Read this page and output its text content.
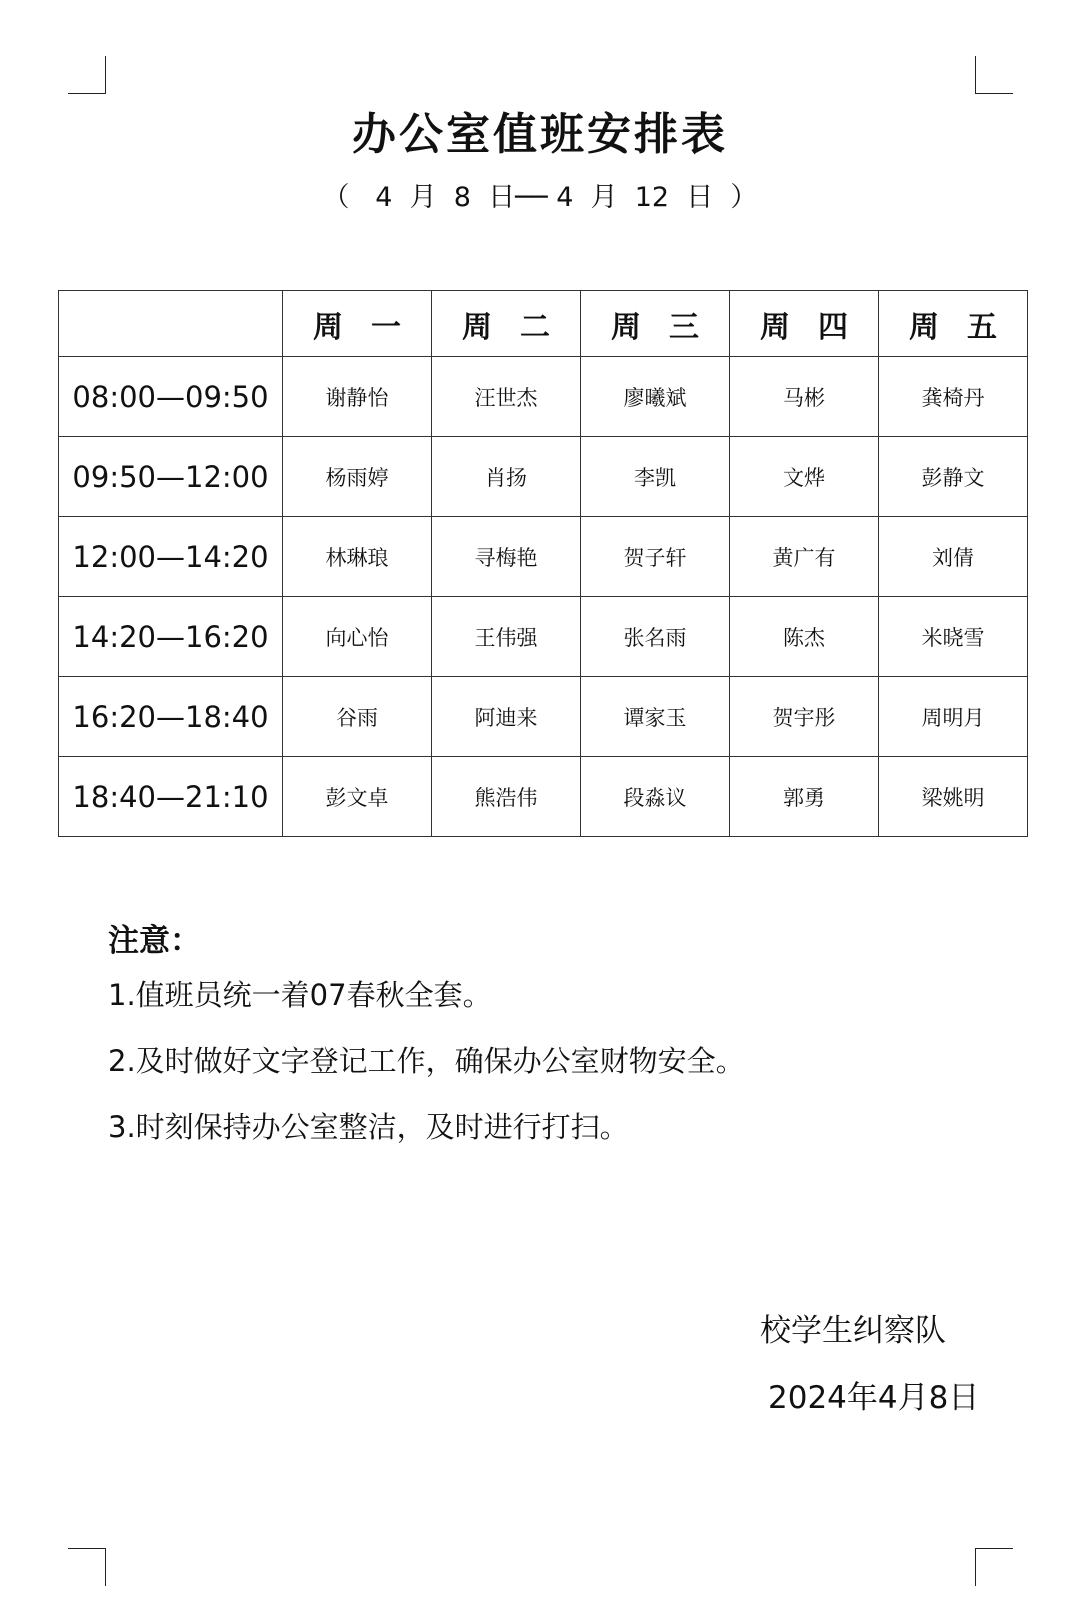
办公室值班安排表
（   4  月  8  日── 4  月  12  日  ）
	周一	周二	周三	周四	周五
08:00—09:50	谢静怡	汪世杰	廖曦斌	马彬	龚椅丹
09:50—12:00	杨雨婷	肖扬	李凯	文烨	彭静文
12:00—14:20	林琳琅	寻梅艳	贺子轩	黄广有	刘倩
14:20—16:20	向心怡	王伟强	张名雨	陈杰	米晓雪
16:20—18:40	谷雨	阿迪来	谭家玉	贺宇彤	周明月
18:40—21:10	彭文卓	熊浩伟	段淼议	郭勇	梁姚明
注意：
1.值班员统一着07春秋全套。
2.及时做好文字登记工作，确保办公室财物安全。
3.时刻保持办公室整洁，及时进行打扫。
校学生纠察队
2024年4月8日
